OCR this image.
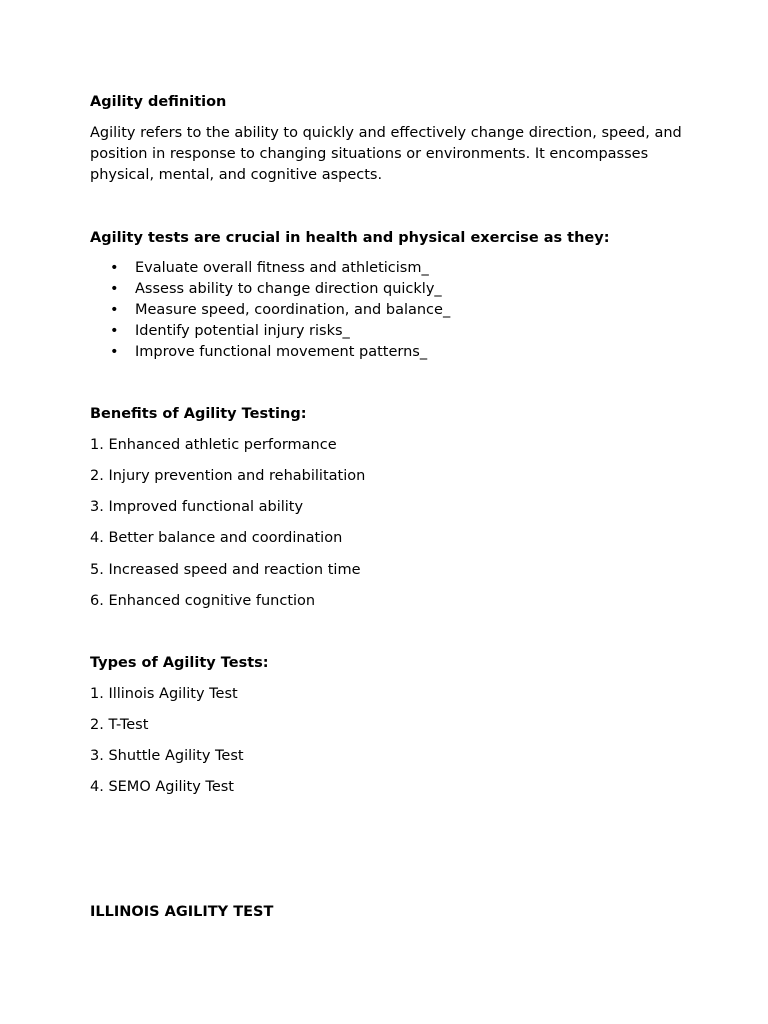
Agility definition

Agility refers to the ability to quickly and effectively change direction, speed, and position in response to changing situations or environments. It encompasses physical, mental, and cognitive aspects.

Agility tests are crucial in health and physical exercise as they:
• Evaluate overall fitness and athleticism_
• Assess ability to change direction quickly_
• Measure speed, coordination, and balance_
• Identify potential injury risks_
• Improve functional movement patterns_
Benefits of Agility Testing:

1. Enhanced athletic performance

2. Injury prevention and rehabilitation

3. Improved functional ability

4. Better balance and coordination

5. Increased speed and reaction time

6. Enhanced cognitive function

Types of Agility Tests:

1. Illinois Agility Test

2. T-Test

3. Shuttle Agility Test

4. SEMO Agility Test

ILLINOIS AGILITY TEST
